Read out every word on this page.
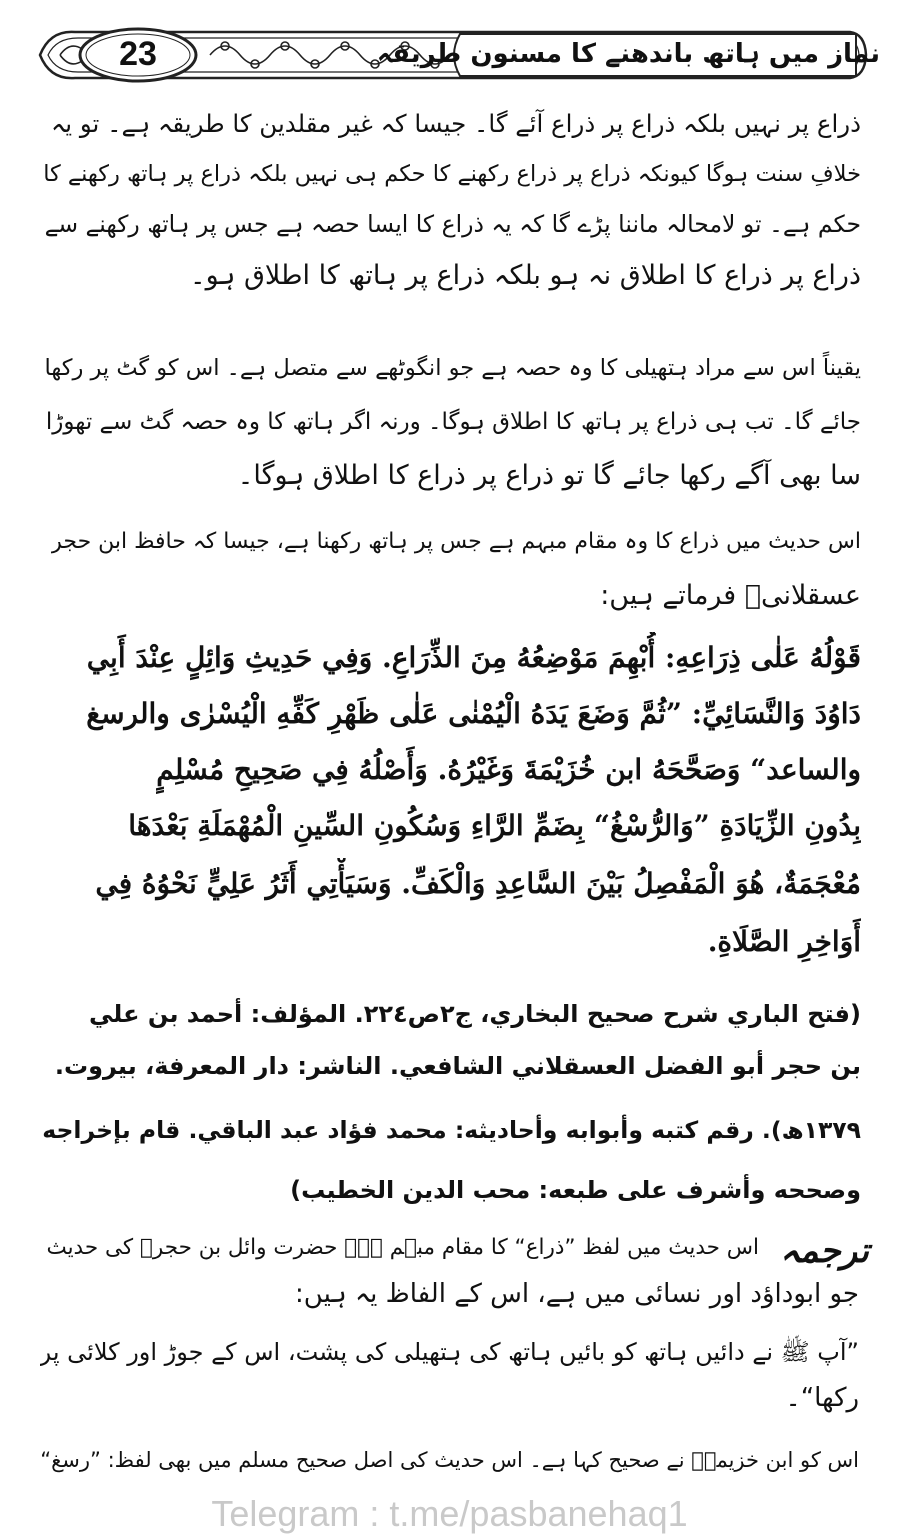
23	نماز میں ہاتھ باندھنے کا مسنون طریقہ
ذراع پر نہیں بلکہ ذراع پر ذراع آئے گا۔ جیسا کہ غیر مقلدین کا طریقہ ہے۔ تو یہ
خلافِ سنت ہوگا کیونکہ ذراع پر ذراع رکھنے کا حکم ہی نہیں بلکہ ذراع پر ہاتھ رکھنے کا
حکم ہے۔ تو لامحالہ ماننا پڑے گا کہ یہ ذراع کا ایسا حصہ ہے جس پر ہاتھ رکھنے سے
ذراع پر ذراع کا اطلاق نہ ہو بلکہ ذراع پر ہاتھ کا اطلاق ہو۔
یقیناً اس سے مراد ہتھیلی کا وہ حصہ ہے جو انگوٹھے سے متصل ہے۔ اس کو گٹ پر رکھا
جائے گا۔ تب ہی ذراع پر ہاتھ کا اطلاق ہوگا۔ ورنہ اگر ہاتھ کا وہ حصہ گٹ سے تھوڑا
سا بھی آگے رکھا جائے گا تو ذراع پر ذراع کا اطلاق ہوگا۔
اس حدیث میں ذراع کا وہ مقام مبہم ہے جس پر ہاتھ رکھنا ہے، جیسا کہ حافظ ابن حجر
عسقلانیؒ فرماتے ہیں:
قَوْلُهُ عَلٰى ذِرَاعِهِ: أُبْهِمَ مَوْضِعُهُ مِنَ الذِّرَاعِ. وَفِي حَدِيثِ وَائِلٍ عِنْدَ أَبِي
دَاوُدَ وَالنَّسَائِيِّ: ”ثُمَّ وَضَعَ يَدَهُ الْيُمْنٰى عَلٰى ظَهْرِ كَفِّهِ الْيُسْرٰى والرسغ
والساعد“ وَصَحَّحَهُ ابن خُزَيْمَةَ وَغَيْرُهُ. وَأَصْلُهُ فِي صَحِيحِ مُسْلِمٍ
بِدُونِ الزِّيَادَةِ ”وَالرُّسْغُ“ بِضَمِّ الرَّاءِ وَسُكُونِ السِّينِ الْمُهْمَلَةِ بَعْدَهَا
مُعْجَمَةٌ، هُوَ الْمَفْصِلُ بَيْنَ السَّاعِدِ وَالْكَفِّ. وَسَيَأْتِي أَثَرُ عَلِيٍّ نَحْوُهُ فِي
أَوَاخِرِ الصَّلَاةِ.
(فتح الباري شرح صحيح البخاري، ج٢ص٢٢٤. المؤلف: أحمد بن علي
بن حجر أبو الفضل العسقلاني الشافعي. الناشر: دار المعرفة، بيروت.
١٣٧٩ھ). رقم كتبه وأبوابه وأحاديثه: محمد فؤاد عبد الباقي. قام بإخراجه
وصححه وأشرف على طبعه: محب الدين الخطيب)
ترجمہ
اس حدیث میں لفظ ”ذراع“ کا مقام مبہم ہے۔ حضرت وائل بن حجرؓ کی حدیث
جو ابوداؤد اور نسائی میں ہے، اس کے الفاظ یہ ہیں:
”آپ ﷺ نے دائیں ہاتھ کو بائیں ہاتھ کی ہتھیلی کی پشت، اس کے جوڑ اور کلائی پر
رکھا“۔
اس کو ابن خزیمہؒ نے صحیح کہا ہے۔ اس حدیث کی اصل صحیح مسلم میں بھی لفظ: ”رسغ“
Telegram : t.me/pasbanehaq1
